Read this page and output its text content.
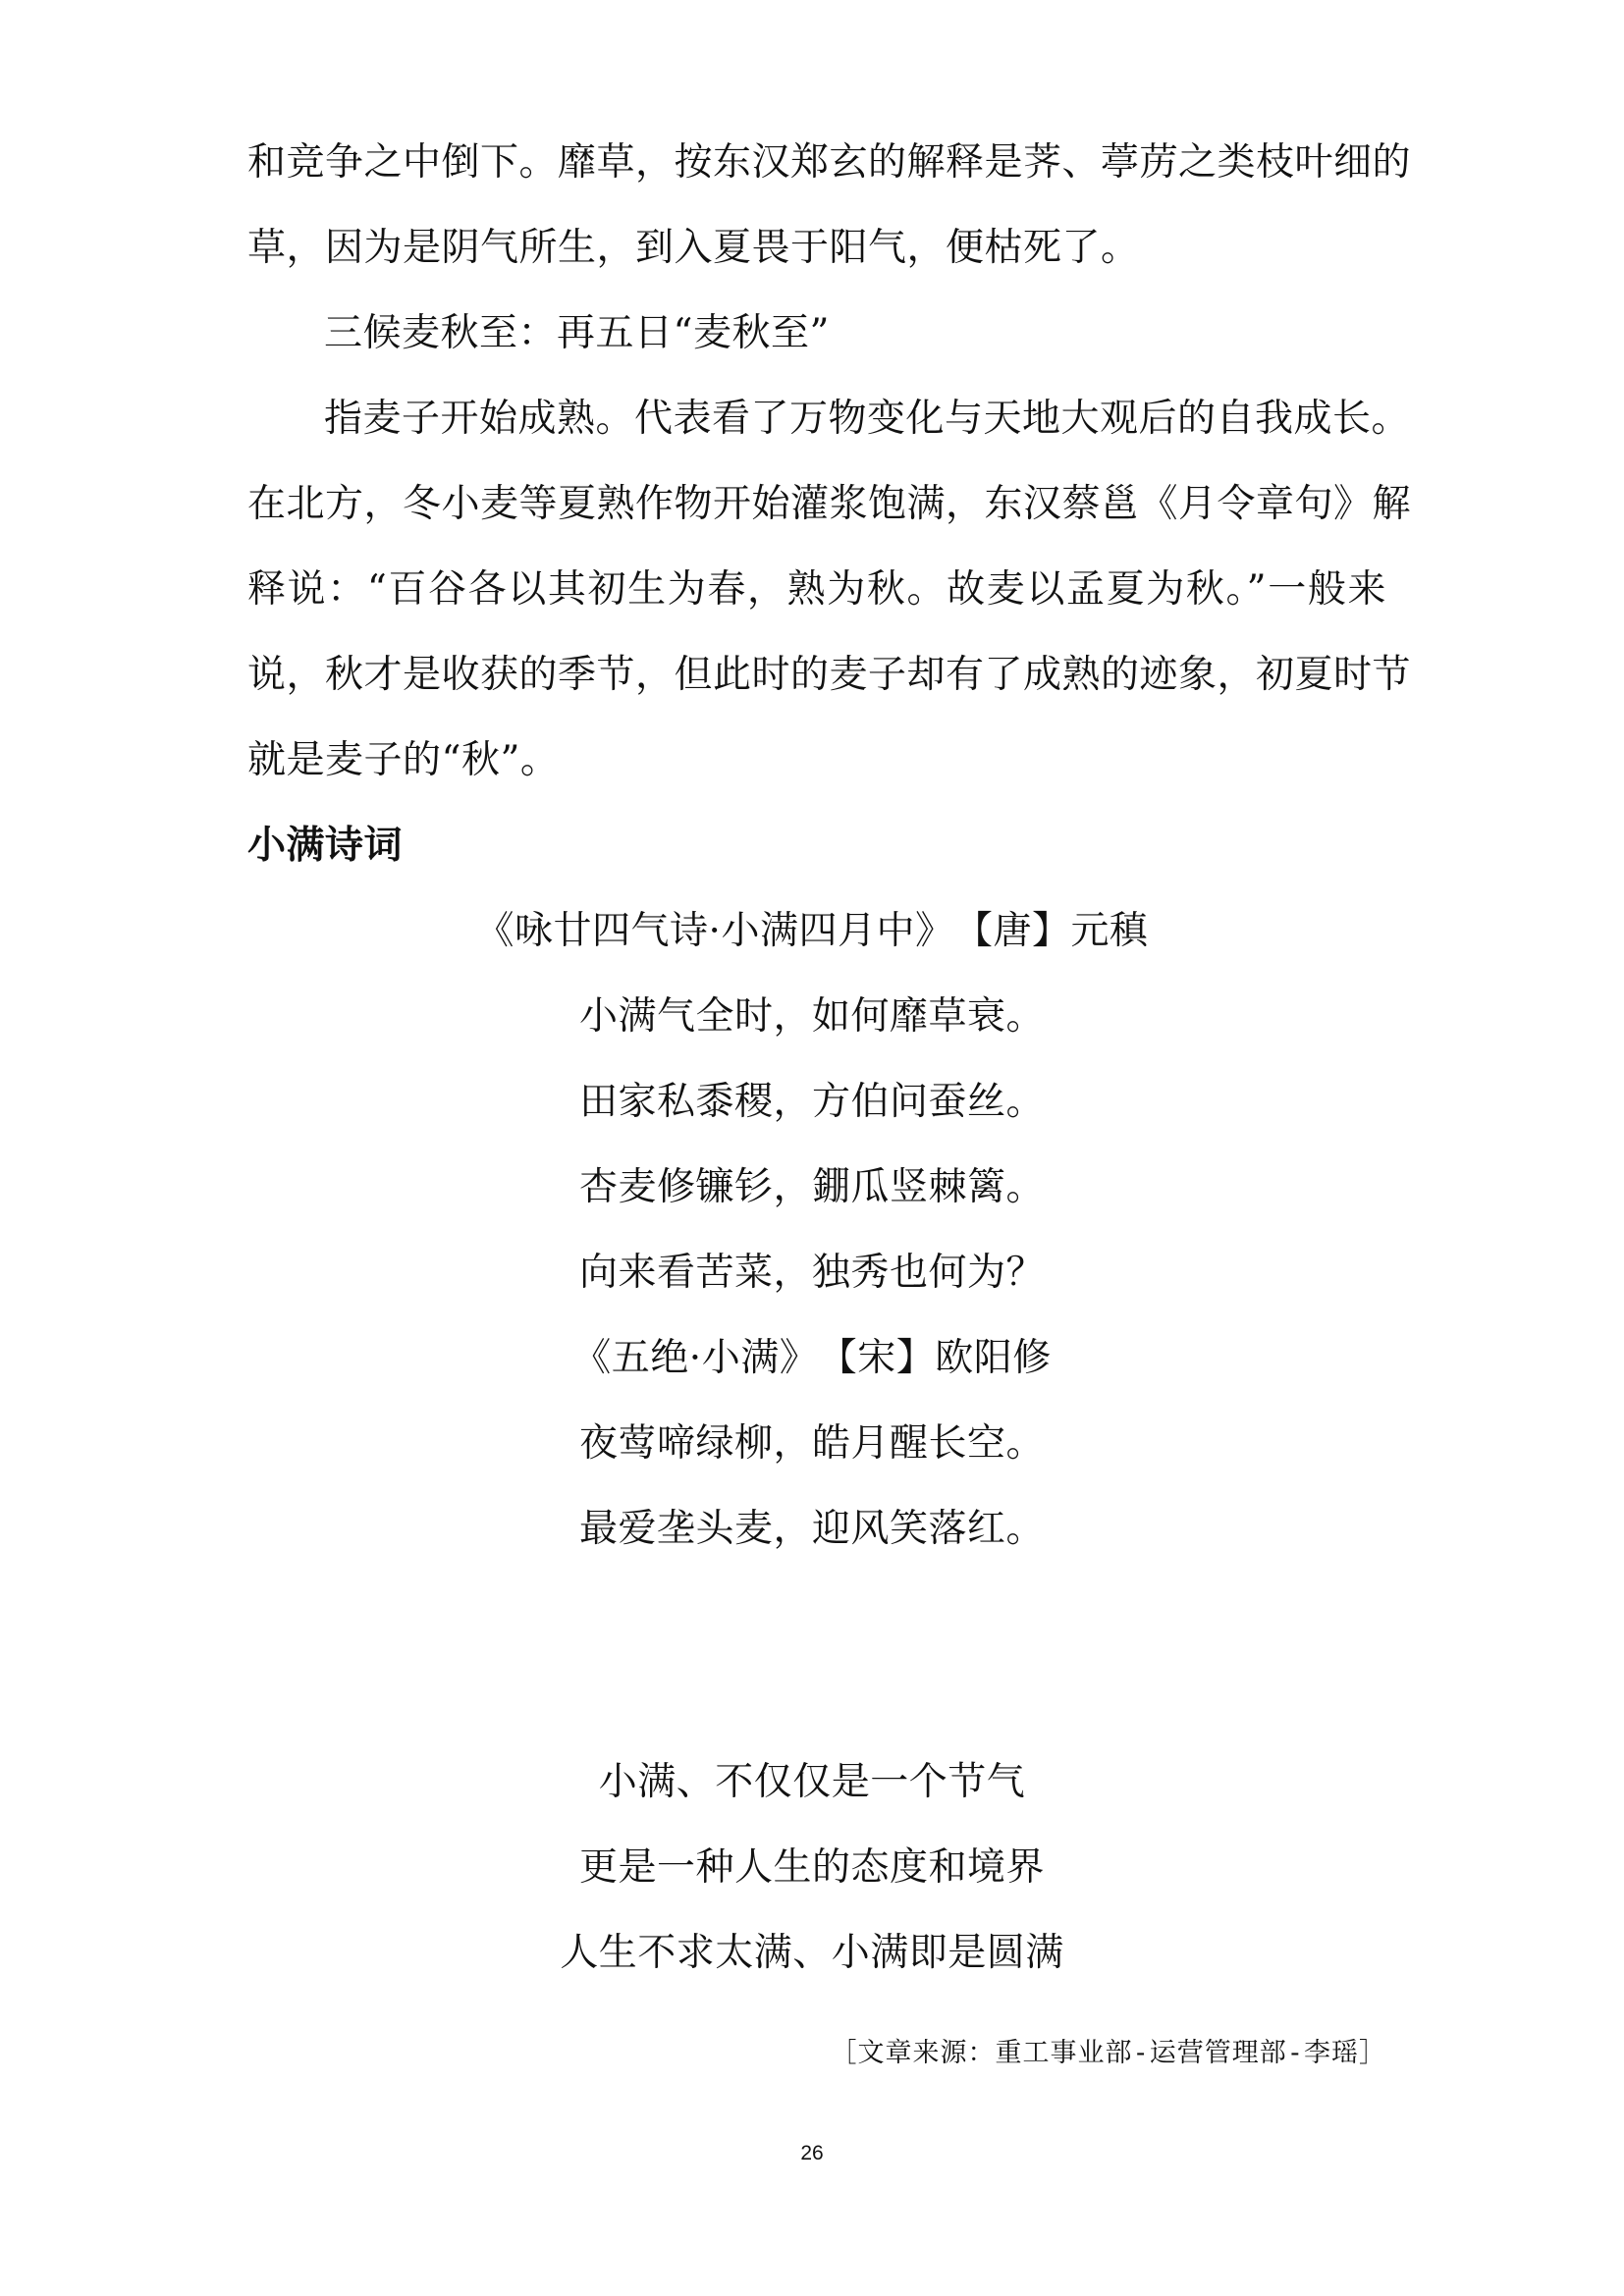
和竞争之中倒下。靡草，按东汉郑玄的解释是荠、葶苈之类枝叶细的
草，因为是阴气所生，到入夏畏于阳气，便枯死了。
三候麦秋至：再五日“麦秋至”
指麦子开始成熟。代表看了万物变化与天地大观后的自我成长。
在北方，冬小麦等夏熟作物开始灌浆饱满，东汉蔡邕《月令章句》解
释说：“百谷各以其初生为春，熟为秋。故麦以孟夏为秋。”一般来
说，秋才是收获的季节，但此时的麦子却有了成熟的迹象，初夏时节
就是麦子的“秋”。
小满诗词
《咏廿四气诗·小满四月中》　【唐】元稹
小满气全时，如何靡草衰。
田家私黍稷，方伯问蚕丝。
杏麦修镰钐，錋瓜竖棘篱。
向来看苦菜，独秀也何为？
《五绝·小满》　【宋】欧阳修
夜莺啼绿柳，皓月醒长空。
最爱垄头麦，迎风笑落红。
小满、不仅仅是一个节气
更是一种人生的态度和境界
人生不求太满、小满即是圆满
［文章来源：重工事业部-运营管理部-李瑶］
26
